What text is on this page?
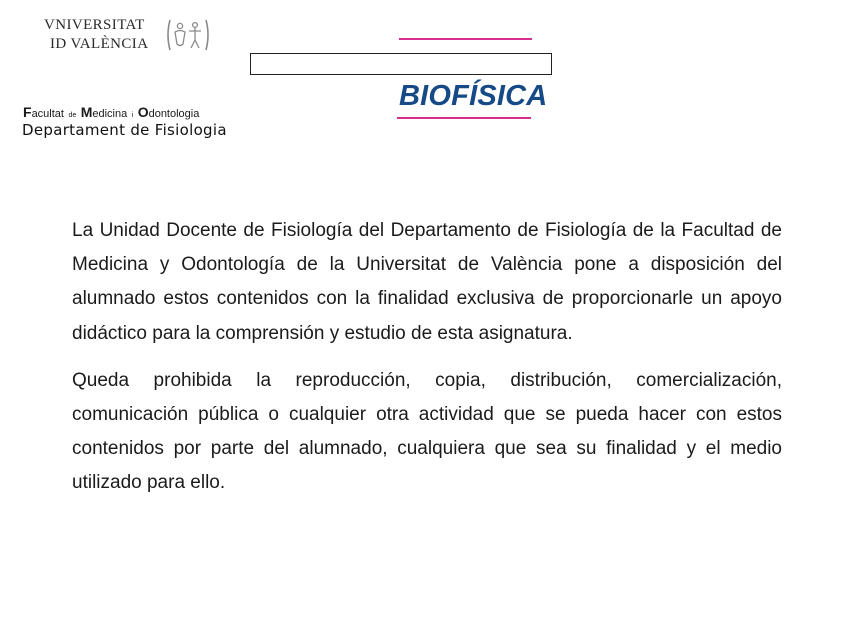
VNIVERSITAT
ID VALÈNCIA
Facultat de Medicina i Odontologia
Departament de Fisiologia
BIOFÍSICA

La Unidad Docente de Fisiología del Departamento de Fisiología de la Facultad de Medicina y Odontología de la Universitat de València pone a disposición del alumnado estos contenidos con la finalidad exclusiva de proporcionarle un apoyo didáctico para la comprensión y estudio de esta asignatura.

Queda prohibida la reproducción, copia, distribución, comercialización, comunicación pública o cualquier otra actividad que se pueda hacer con estos contenidos por parte del alumnado, cualquiera que sea su finalidad y el medio utilizado para ello.
